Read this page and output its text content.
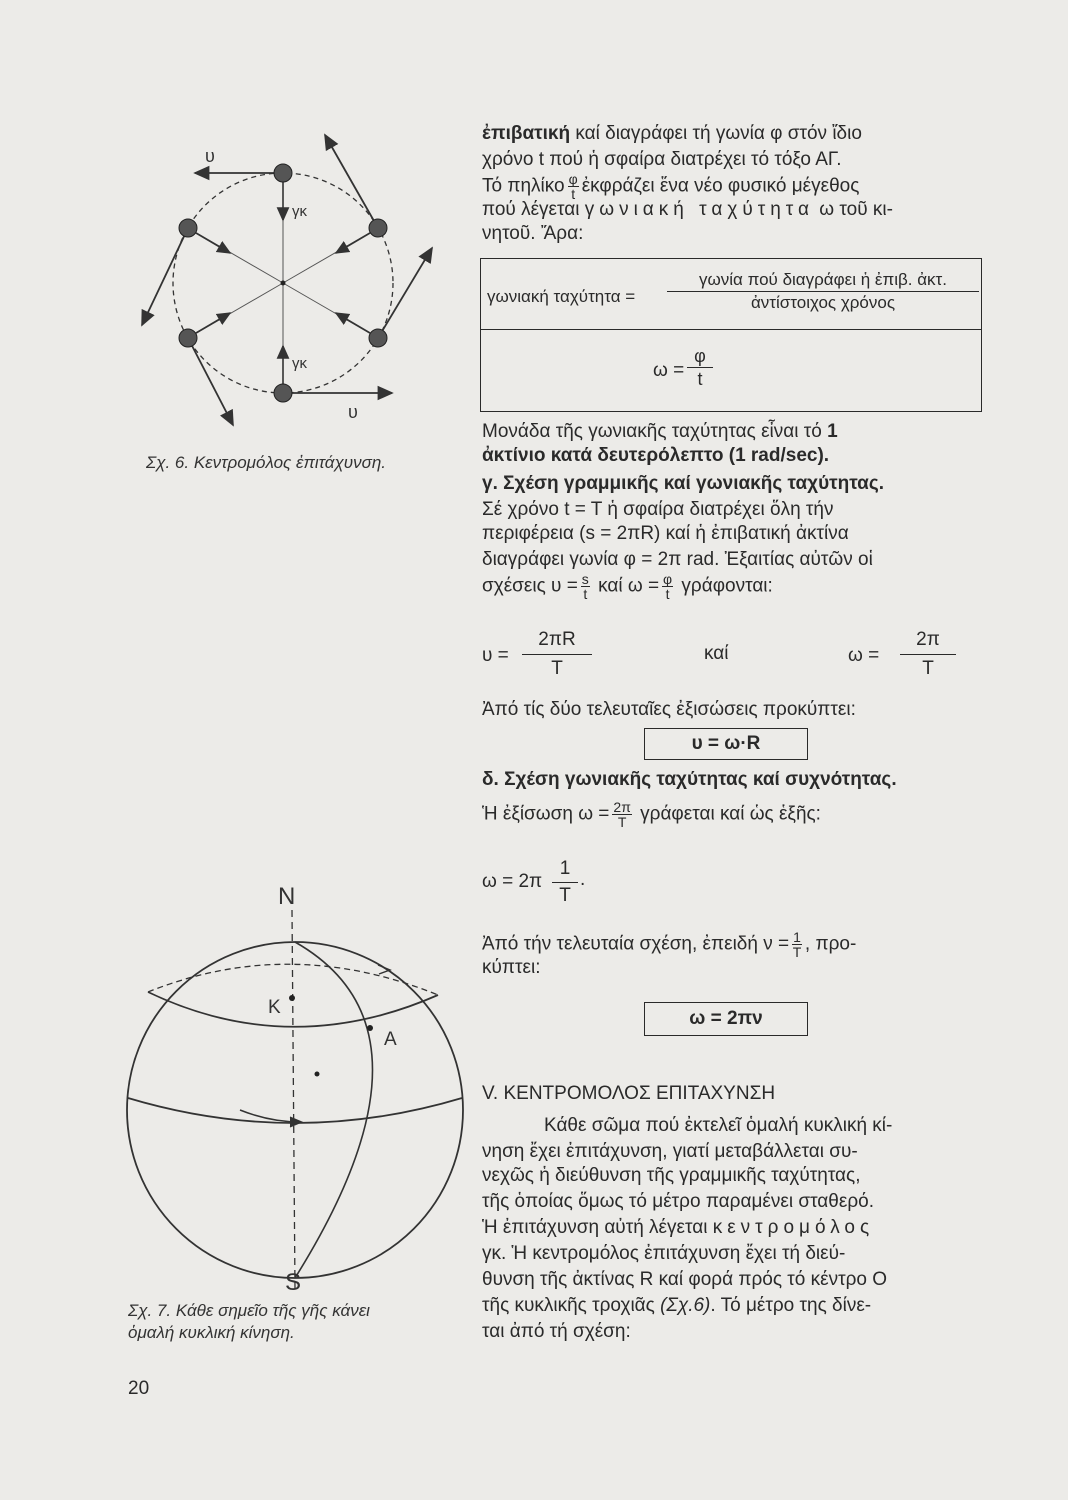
υ
γκ
γκ
υ
Σχ. 6. Κεντρομόλος ἐπιτάχυνση.
N
K
A
S
Σχ. 7. Κάθε σημεῖο τῆς γῆς κάνει
ὁμαλή κυκλική κίνηση.
20
ἐπιβατική καί διαγράφει τή γωνία φ στόν ἴδιο
χρόνο t πού ἡ σφαίρα διατρέχει τό τόξο ΑΓ.
Τό πηλίκο $\frac{\varphi}{t}$ ἐκφράζει ἕνα νέο φυσικό μέγεθος
πού λέγεται γωνιακή ταχύτητα ω τοῦ κι-
νητοῦ. Ἄρα:
γωνιακή ταχύτητα =
γωνία πού διαγράφει ἡ ἐπιβ. ἀκτ.
ἀντίστοιχος χρόνος
$\omega = \frac{\varphi}{t}$
Μονάδα τῆς γωνιακῆς ταχύτητας εἶναι τό 1
ἀκτίνιο κατά δευτερόλεπτο (1 rad/sec).
γ. Σχέση γραμμικῆς καί γωνιακῆς ταχύτητας.
Σέ χρόνο t = T ἡ σφαίρα διατρέχει ὅλη τήν
περιφέρεια (s = 2πR) καί ἡ ἐπιβατική ἀκτίνα
διαγράφει γωνία φ = 2π rad. Ἐξαιτίας αὐτῶν οἱ
σχέσεις $\upsilon = \frac{s}{t}$ καί $\omega = \frac{\varphi}{t} \gamma\rho ά\varphi o\nu\tau\alpha\iota$:
$\upsilon = \frac{2\pi R}{T}$	καί	$\omega = \frac{2\pi}{T}$
Ἀπό τίς δύο τελευταῖες ἐξισώσεις προκύπτει:
υ = ω·R
δ. Σχέση γωνιακῆς ταχύτητας καί συχνότητας.
Ἡ ἐξίσωση $\omega = \frac{2\pi}{T}$ γράφεται καί ὡς ἑξῆς:
$\omega = 2\pi \frac{1}{T}$ .
Ἀπό τήν τελευταία σχέση, ἐπειδή $\nu = \frac{1}{T}$ , προ-
κύπτει:
ω = 2πν
V. ΚΕΝΤΡΟΜΟΛΟΣ ΕΠΙΤΑΧΥΝΣΗ
Κάθε σῶμα πού ἐκτελεῖ ὁμαλή κυκλική κί-
νηση ἔχει ἐπιτάχυνση, γιατί μεταβάλλεται συ-
νεχῶς ἡ διεύθυνση τῆς γραμμικῆς ταχύτητας,
τῆς ὁποίας ὅμως τό μέτρο παραμένει σταθερό.
Ἡ ἐπιτάχυνση αὐτή λέγεται κεντρομόλος
γκ. Ἡ κεντρομόλος ἐπιτάχυνση ἔχει τή διεύ-
θυνση τῆς ἀκτίνας R καί φορά πρός τό κέντρο Ο
τῆς κυκλικῆς τροχιᾶς (Σχ.6). Τό μέτρο της δίνε-
ται ἀπό τή σχέση:
